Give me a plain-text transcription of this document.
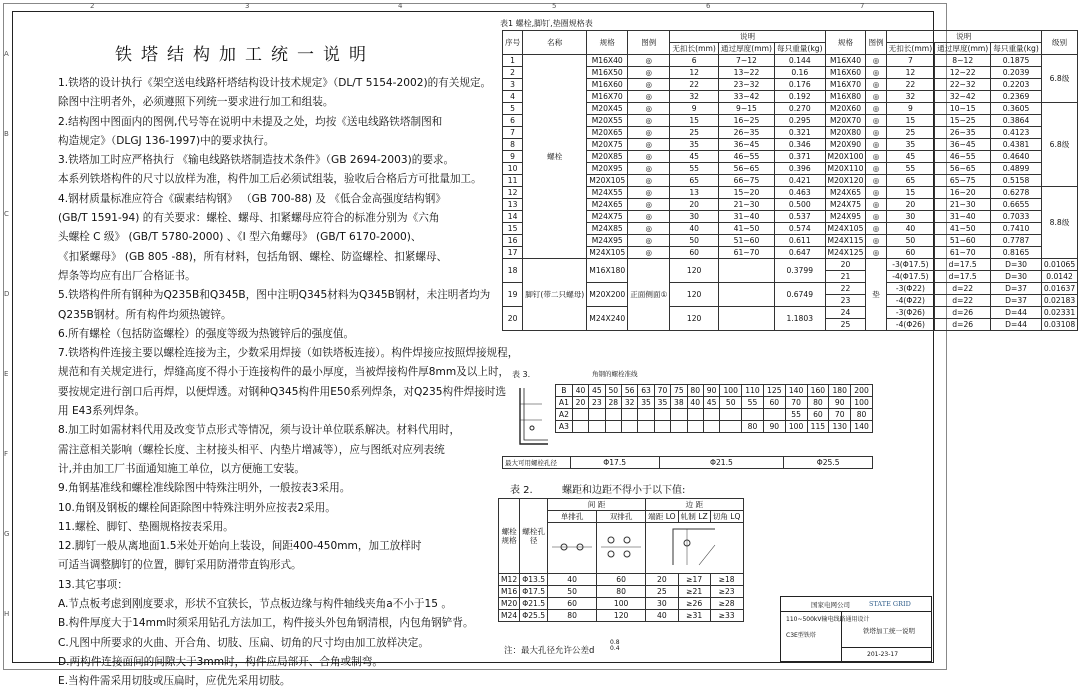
2	3	4	5	6	7
A
B
C
D
E
F
G
H
铁塔结构加工统一说明
1.铁塔的设计执行《架空送电线路杆塔结构设计技术规定》（DL/T 5154-2002)的有关规定。
除图中注明者外，必须遵照下列统一要求进行加工和组装。
2.结构图中图面内的图例,代号等在说明中未提及之处，均按《送电线路铁塔制图和
构造规定》（DLGJ 136-1997)中的要求执行。
3.铁塔加工时应严格执行 《输电线路铁塔制造技术条件》（GB 2694-2003)的要求。
本系列铁塔构件的尺寸以放样为准，构件加工后必须试组装，验收后合格后方可批量加工。
4.钢材质量标准应符合《碳素结构钢》 （GB 700-88) 及 《低合金高强度结构钢》
(GB/T 1591-94) 的有关要求：螺栓、螺母、扣紧螺母应符合的标准分别为《六角
头螺栓 C 级》 (GB/T 5780-2000) 、《I 型六角螺母》 (GB/T 6170-2000)、
《扣紧螺母》 (GB 805 -88)，所有材料，包括角钢、螺栓、防盗螺栓、扣紧螺母、
焊条等均应有出厂合格证书。
5.铁塔构件所有钢种为Q235B和Q345B，图中注明Q345材料为Q345B钢材，未注明者均为
Q235B钢材。所有构件均须热镀锌。
6.所有螺栓（包括防盗螺栓）的强度等级为热镀锌后的强度值。
7.铁塔构件连接主要以螺栓连接为主，少数采用焊接（如铁塔板连接）。构件焊接应按照焊接规程，
规范和有关规定进行，焊缝高度不得小于连接构件的最小厚度，当被焊接构件厚8mm及以上时，
要按规定进行剖口后再焊，以便焊透。对钢种Q345构件用E50系列焊条，对Q235构件焊接时选
用 E43系列焊条。
8.加工时如需材料代用及改变节点形式等情况，须与设计单位联系解决。材料代用时，
需注意相关影响（螺栓长度、主材接头相平、内垫片增减等），应与图纸对应列表统
计,并由加工厂书面通知施工单位，以方便施工安装。
9.角钢基准线和螺栓准线除图中特殊注明外，一般按表3采用。
10.角钢及钢板的螺栓间距除图中特殊注明外应按表2采用。
11.螺栓、脚钉、垫圈规格按表采用。
12.脚钉一般从离地面1.5米处开始向上装设，间距400-450mm，加工放样时
可适当调整脚钉的位置，脚钉采用防滑带直钩形式。
13.其它事项：
A.节点板考虑到刚度要求，形状不宜狭长，节点板边缘与构件轴线夹角a不小于15 。
B.构件厚度大于14mm时须采用钻孔方法加工，构件接头外包角钢清根，内包角钢铲背。
C.凡图中所要求的火曲、开合角、切肢、压扁、切角的尺寸均由加工放样决定。
D.两构件连接面间的间隙大于3mm时，构件应局部开、合角或制弯。
E.当构件需采用切肢或压扁时，应优先采用切肢。
表1 螺栓,脚钉,垫圈规格表
序号	名称	规格	图例	说明			规格	图例	说明			级别
				无扣长(mm)	通过厚度(mm)	每只重量(kg)			无扣长(mm)	通过厚度(mm)	每只重量(kg)	
1	螺栓	M16X40	◎	6	7~12	0.144	M16X40	◎	7	8~12	0.1875	6.8级
2		M16X50	◎	12	13~22	0.16	M16X60	◎	12	12~22	0.2039	
3		M16X60	◎	22	23~32	0.176	M16X70	◎	22	22~32	0.2203	
4		M16X70	◎	32	33~42	0.192	M16X80	◎	32	32~42	0.2369	
5		M20X45	◎	9	9~15	0.270	M20X60	◎	9	10~15	0.3605	6.8级
6		M20X55	◎	15	16~25	0.295	M20X70	◎	15	15~25	0.3864	
7		M20X65	◎	25	26~35	0.321	M20X80	◎	25	26~35	0.4123	
8		M20X75	◎	35	36~45	0.346	M20X90	◎	35	36~45	0.4381	
9		M20X85	◎	45	46~55	0.371	M20X100	◎	45	46~55	0.4640	
10		M20X95	◎	55	56~65	0.396	M20X110	◎	55	56~65	0.4899	
11		M20X105	◎	65	66~75	0.421	M20X120	◎	65	65~75	0.5158	
12		M24X55	◎	13	15~20	0.463	M24X65	◎	15	16~20	0.6278	8.8级
13		M24X65	◎	20	21~30	0.500	M24X75	◎	20	21~30	0.6655	
14		M24X75	◎	30	31~40	0.537	M24X95	◎	30	31~40	0.7033	
15		M24X85	◎	40	41~50	0.574	M24X105	◎	40	41~50	0.7410	
16		M24X95	◎	50	51~60	0.611	M24X115	◎	50	51~60	0.7787	
17		M24X105	◎	60	61~70	0.647	M24X125	◎	60	61~70	0.8165	
18	脚钉(带二只螺母)	M16X180	正面侧面①	120		0.3799	20	垫	-3(Φ17.5)	d=17.5	D=30	0.01065
							21		-4(Φ17.5)	d=17.5	D=30	0.0142
19		M20X200		120		0.6749	22		-3(Φ22)	d=22	D=37	0.01637
							23		-4(Φ22)	d=22	D=37	0.02183
20		M24X240		120		1.1803	24		-3(Φ26)	d=26	D=44	0.02331
							25		-4(Φ26)	d=26	D=44	0.03108
表 3.	角钢的螺栓准线
B	40	45	50	56	63	70	75	80	90	100	110	125	140	160	180	200
A1	20	23	28	32	35	35	38	40	45	50	55	60	70	80	90	100
A2													55	60	70	80
A3											80	90	100	115	130	140
最大可用螺栓孔径	Φ17.5	Φ21.5	Φ25.5
表 2.	螺距和边距不得小于以下值:
螺栓规格	螺栓孔径	间 距		边 距		
		单排孔	双排孔	端距 LO	轧制 LZ	切角 LQ

M12	Φ13.5	40	60	20	≥17	≥18
M16	Φ17.5	50	80	25	≥21	≥23
M20	Φ21.5	60	100	30	≥26	≥28
M24	Φ25.5	80	120	40	≥31	≥33
注：最大孔径允许公差d
0.8
0.4
国家电网公司	STATE GRID
110~500kV输电线路通用设计
C3E型铁塔
铁塔加工统一说明
201-23-17
